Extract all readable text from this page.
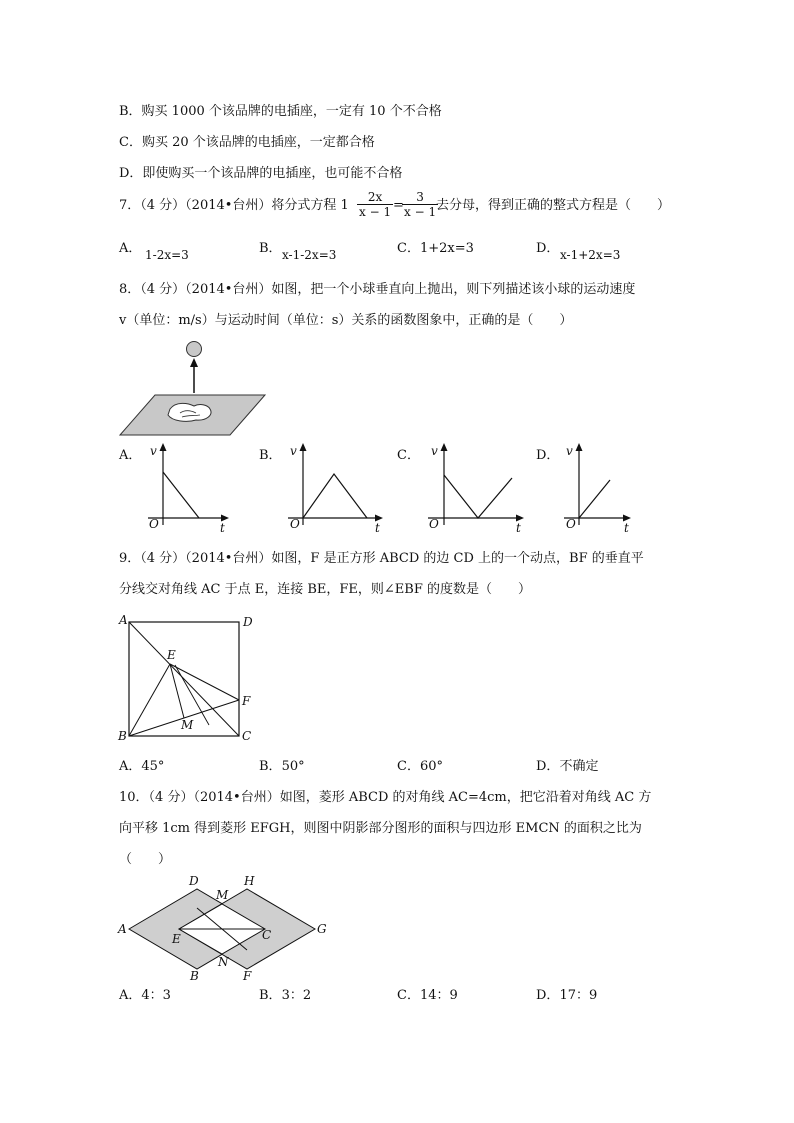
B．购买 1000 个该品牌的电插座，一定有 10 个不合格
C．购买 20 个该品牌的电插座，一定都合格
D．即使购买一个该品牌的电插座，也可能不合格
7．（4 分）（2014•台州）将分式方程 $1 \frac{2x}{x - 1}$ =
$\frac{3}{x - 1}$
去分母，得到正确的整式方程是（　　）
A． 1-2x=3	B． x-1-2x=3	C． 1+2x=3	D． x-1+2x=3
8．（4 分）（2014•台州）如图，把一个小球垂直向上抛出，则下列描述该小球的运动速度
v（单位：m/s）与运动时间（单位：s）关系的函数图象中，正确的是（　　）
A． v
t
O
B． v
t
O
C． v
t
O
D． v
t
O
9．（4 分）（2014•台州）如图，F 是正方形 ABCD 的边 CD 上的一个动点，BF 的垂直平
分线交对角线 AC 于点 E，连接 BE，FE，则∠EBF 的度数是（　　）
A	D
E
F
M
B	C
A．45°	B．50°	C．60°	D．不确定
10．（4 分）（2014•台州）如图，菱形 ABCD 的对角线 AC=4cm，把它沿着对角线 AC 方
向平移 1cm 得到菱形 EFGH，则图中阴影部分图形的面积与四边形 EMCN 的面积之比为
（　　）
D
M
H
A
E	C	G
B
N
F
A．4：3	B．3：2	C．14：9	D．17：9
